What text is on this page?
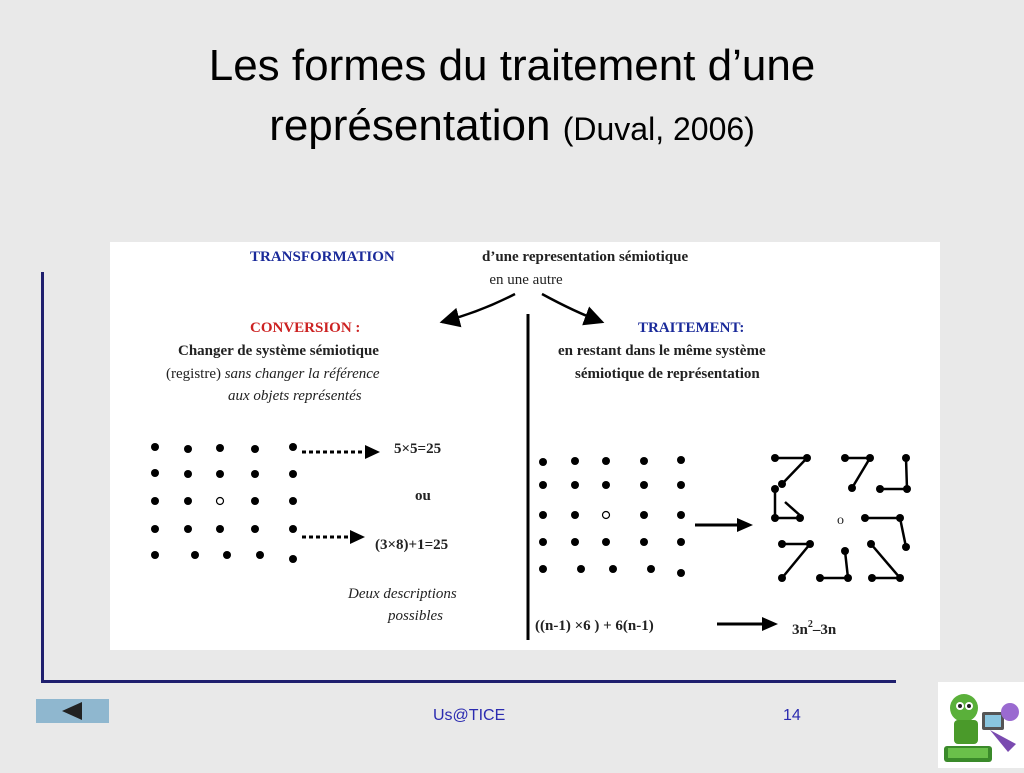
Les formes du traitement d’une
représentation (Duval, 2006)
TRANSFORMATION	d’une representation sémiotique
en une autre
CONVERSION :
Changer de système sémiotique
(registre) sans changer la référence
aux objets représentés
TRAITEMENT:
en restant dans le même système
sémiotique de représentation
5×5=25
ou
(3×8)+1=25
Deux descriptions
possibles
o
((n-1) ×6 ) + 6(n-1)	$3n^2-3n$
Us@TICE	14
